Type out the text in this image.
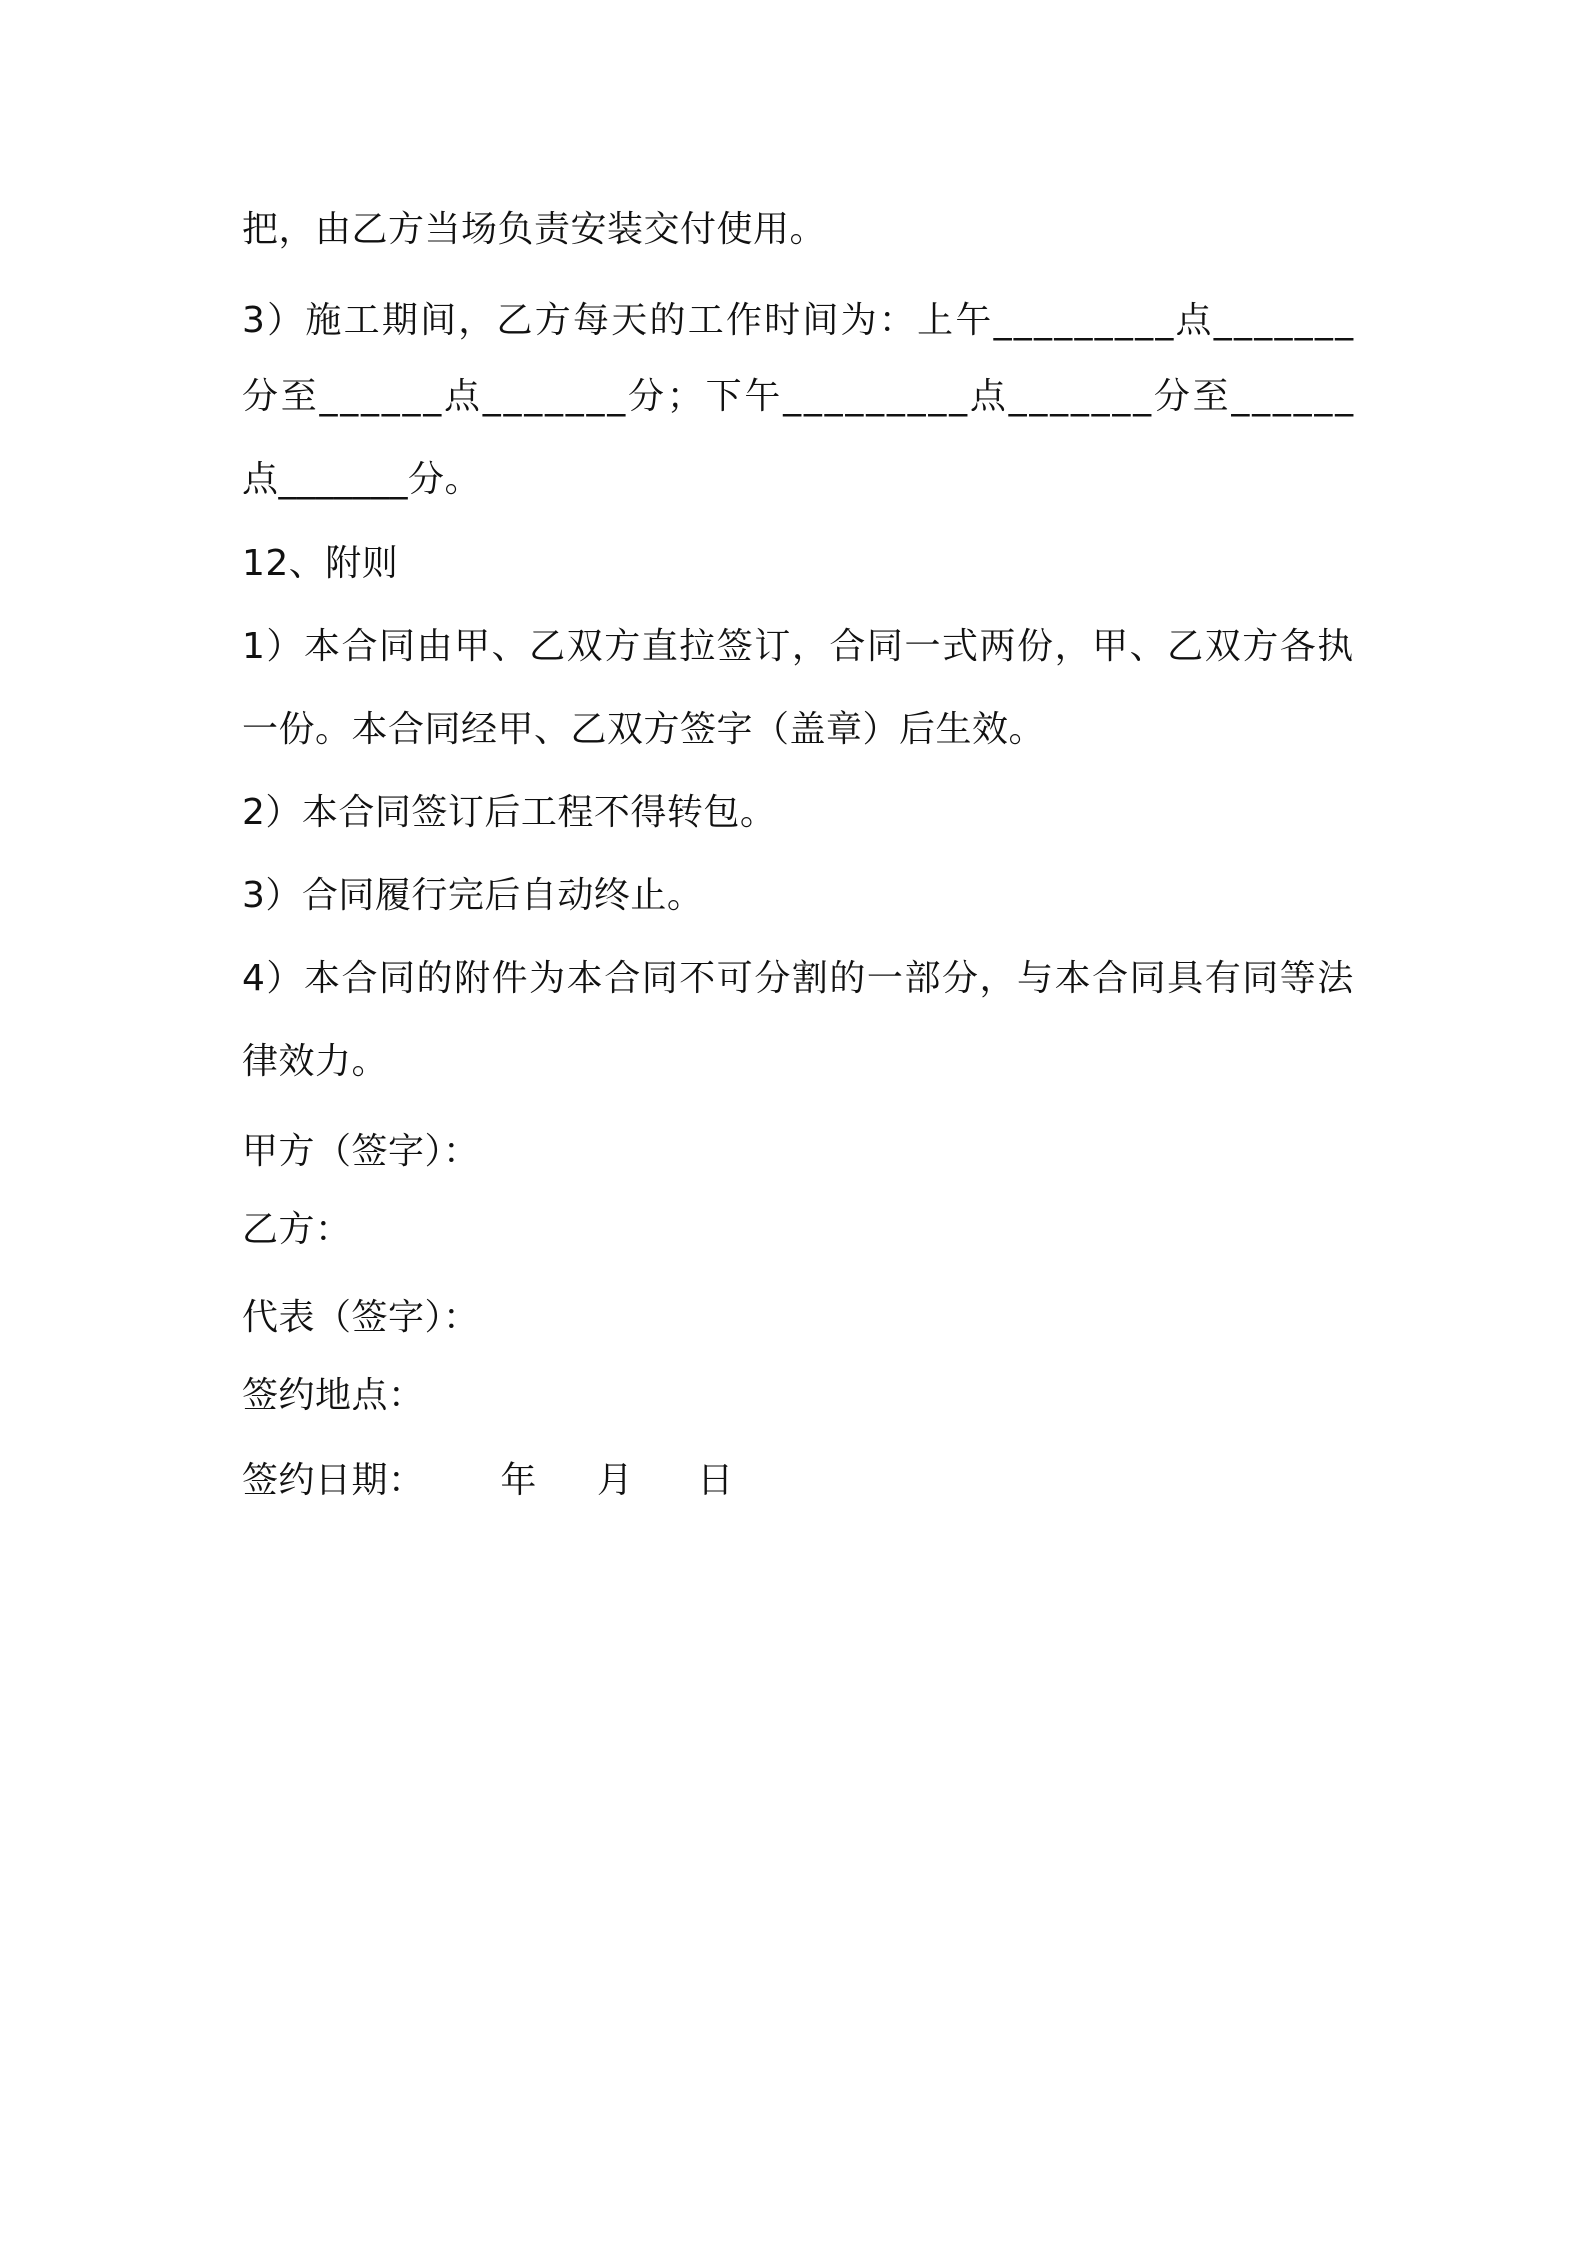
把，由乙方当场负责安装交付使用。
3 ） 施 工 期 间 ， 乙 方 每 天 的 工 作 时 间 为 ： 上 午 _ _ _ _ _ _ _ _ _ 点 _ _ _ _ _ _ _
分 至 _ _ _ _ _ _ 点 _ _ _ _ _ _ _ 分 ； 下 午 _ _ _ _ _ _ _ _ _ 点 _ _ _ _ _ _ _ 分 至 _ _ _ _ _ _
点_______分。
12、附则
1 ） 本 合 同 由 甲 、 乙 双 方 直 拉 签 订 ， 合 同 一 式 两 份 ， 甲 、 乙 双 方 各 执
一份。本合同经甲、乙双方签字（盖章）后生效。
2）本合同签订后工程不得转包。
3）合同履行完后自动终止。
4 ） 本 合 同 的 附 件 为 本 合 同 不 可 分 割 的 一 部 分 ， 与 本 合 同 具 有 同 等 法
律效力。
甲方（签字）：
乙方：
代表（签字）：
签约地点：
签约日期： 年 月 日
